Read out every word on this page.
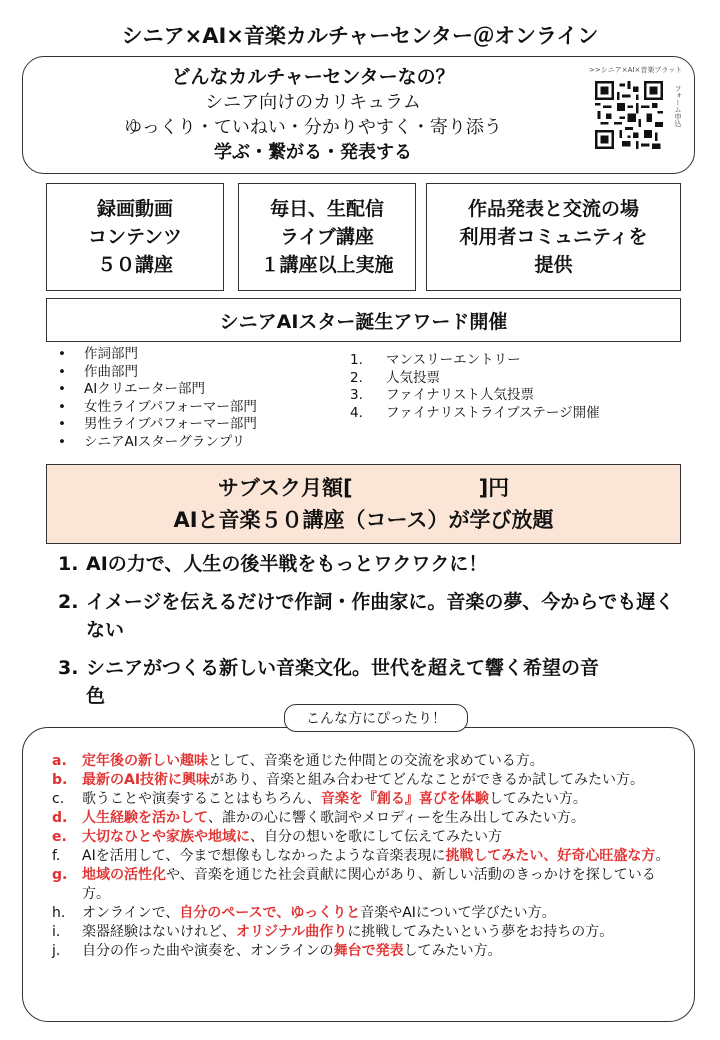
シニア×AI×音楽カルチャーセンター＠オンライン
どんなカルチャーセンターなの？
シニア向けのカリキュラム
ゆっくり・ていねい・分かりやすく・寄り添う
学ぶ・繋がる・発表する
>>シニア×AI×音楽プラット
フォーム申込
録画動画
コンテンツ
５０講座
毎日、生配信
ライブ講座
１講座以上実施
作品発表と交流の場
利用者コミュニティを
提供
シニアAIスター誕生アワード開催
• 作詞部門
• 作曲部門
• AIクリエーター部門
• 女性ライブパフォーマー部門
• 男性ライブパフォーマー部門
• シニアAIスターグランプリ
1. マンスリーエントリー
2. 人気投票
3. ファイナリスト人気投票
4. ファイナリストライブステージ開催
サブスク月額[　　　　　　]円
AIと音楽５０講座（コース）が学び放題
1. AIの力で、人生の後半戦をもっとワクワクに！
2. イメージを伝えるだけで作詞・作曲家に。音楽の夢、今からでも遅くない
3. シニアがつくる新しい音楽文化。世代を超えて響く希望の音色
こんな方にぴったり！
a. 定年後の新しい趣味として、音楽を通じた仲間との交流を求めている方。
b. 最新のAI技術に興味があり、音楽と組み合わせてどんなことができるか試してみたい方。
c. 歌うことや演奏することはもちろん、音楽を『創る』喜びを体験してみたい方。
d. 人生経験を活かして、誰かの心に響く歌詞やメロディーを生み出してみたい方。
e. 大切なひとや家族や地域に、自分の想いを歌にして伝えてみたい方
f. AIを活用して、今まで想像もしなかったような音楽表現に挑戦してみたい、好奇心旺盛な方。
g. 地域の活性化や、音楽を通じた社会貢献に関心があり、新しい活動のきっかけを探している方。
h. オンラインで、自分のペースで、ゆっくりと音楽やAIについて学びたい方。
i. 楽器経験はないけれど、オリジナル曲作りに挑戦してみたいという夢をお持ちの方。
j. 自分の作った曲や演奏を、オンラインの舞台で発表してみたい方。
